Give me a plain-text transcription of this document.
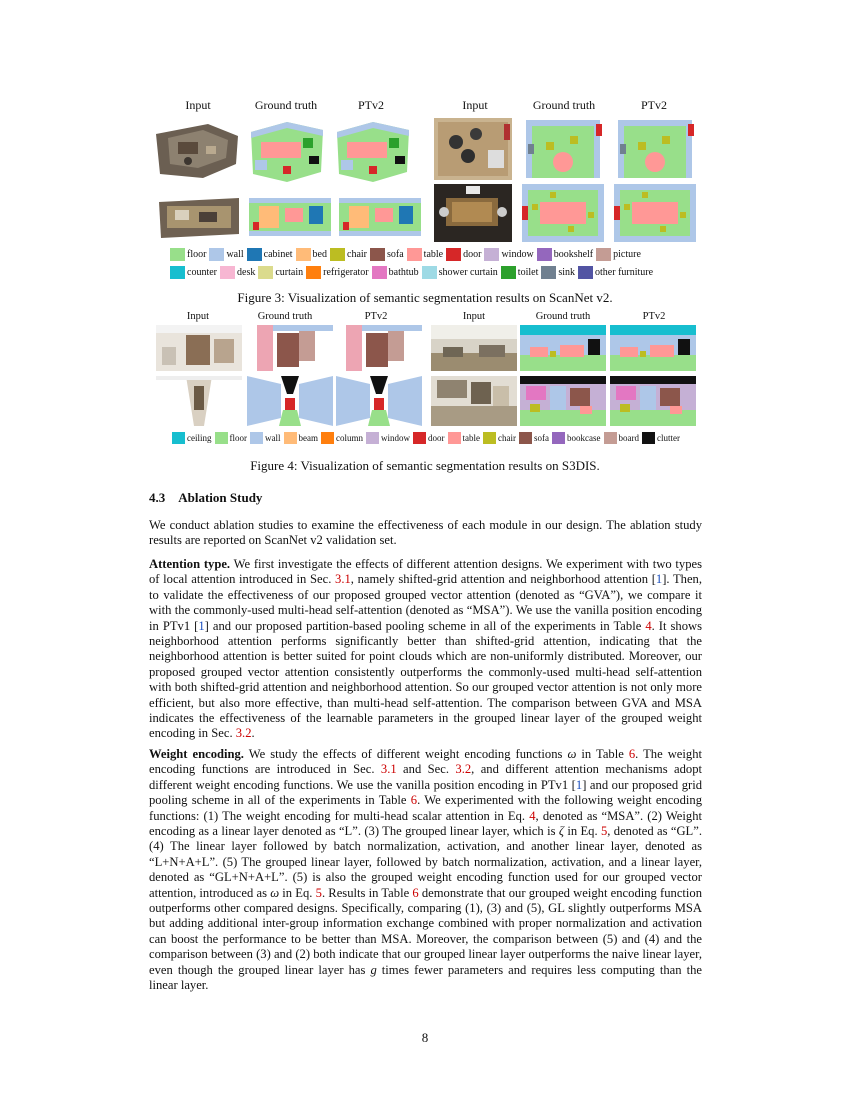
Input	Ground truth	PTv2	Input	Ground truth	PTv2
floor wall cabinet bed chair sofa table door window bookshelf picture
counter desk curtain refrigerator bathtub shower curtain toilet sink other furniture
Figure 3: Visualization of semantic segmentation results on ScanNet v2.
Input	Ground truth	PTv2	Input	Ground truth	PTv2
ceiling floor wall beam column window door table chair sofa bookcase board clutter
Figure 4: Visualization of semantic segmentation results on S3DIS.
4.3 Ablation Study
We conduct ablation studies to examine the effectiveness of each module in our design. The ablation study results are reported on ScanNet v2 validation set.
Attention type. We first investigate the effects of different attention designs. We experiment with two types of local attention introduced in Sec. 3.1, namely shifted-grid attention and neighborhood attention [1]. Then, to validate the effectiveness of our proposed grouped vector attention (denoted as “GVA”), we compare it with the commonly-used multi-head self-attention (denoted as “MSA”). We use the vanilla position encoding in PTv1 [1] and our proposed partition-based pooling scheme in all of the experiments in Table 4. It shows neighborhood attention performs significantly better than shifted-grid attention, indicating that the neighborhood attention is better suited for point clouds which are non-uniformly distributed. Moreover, our proposed grouped vector attention consistently outperforms the commonly-used multi-head self-attention with both shifted-grid attention and neighborhood attention. So our grouped vector attention is not only more efficient, but also more effective, than multi-head self-attention. The comparison between GVA and MSA indicates the effectiveness of the learnable parameters in the grouped linear layer of the grouped weight encoding in Sec. 3.2.
Weight encoding. We study the effects of different weight encoding functions ω in Table 6. The weight encoding functions are introduced in Sec. 3.1 and Sec. 3.2, and different attention mechanisms adopt different weight encoding functions. We use the vanilla position encoding in PTv1 [1] and our proposed grid pooling scheme in all of the experiments in Table 6. We experimented with the following weight encoding functions: (1) The weight encoding for multi-head scalar attention in Eq. 4, denoted as “MSA”. (2) Weight encoding as a linear layer denoted as “L”. (3) The grouped linear layer, which is ζ in Eq. 5, denoted as “GL”. (4) The linear layer followed by batch normalization, activation, and another linear layer, denoted as “L+N+A+L”. (5) The grouped linear layer, followed by batch normalization, activation, and a linear layer, denoted as “GL+N+A+L”. (5) is also the grouped weight encoding function used for our grouped vector attention, introduced as ω in Eq. 5. Results in Table 6 demonstrate that our grouped weight encoding function outperforms other compared designs. Specifically, comparing (1), (3) and (5), GL slightly outperforms MSA but adding additional inter-group information exchange combined with proper normalization and activation can boost the performance to be better than MSA. Moreover, the comparison between (5) and (4) and the comparison between (3) and (2) both indicate that our grouped linear layer outperforms the naive linear layer, even though the grouped linear layer has g times fewer parameters and requires less computing than the linear layer.
8
